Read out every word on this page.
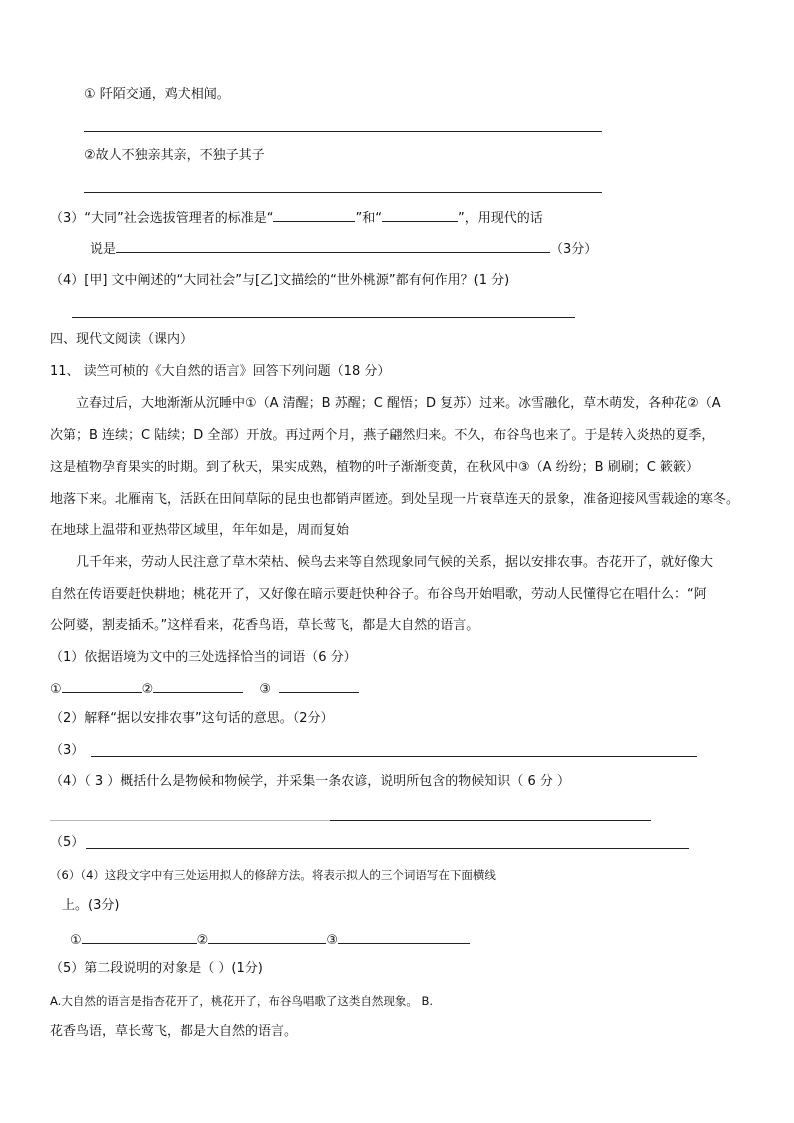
① 阡陌交通，鸡犬相闻。
②故人不独亲其亲，不独子其子
（3）“大同”社会选拔管理者的标准是“	”和“	”，用现代的话
说是	（3分）
（4）[甲] 文中阐述的“大同社会”与[乙]文描绘的“世外桃源”都有何作用？(1 分)
四、现代文阅读（课内）
11、 读竺可桢的《大自然的语言》回答下列问题（18 分）
立春过后，大地渐渐从沉睡中①（A 清醒；B 苏醒；C 醒悟；D 复苏）过来。冰雪融化，草木萌发，各种花②（A
次第；B 连续；C 陆续；D 全部）开放。再过两个月，燕子翩然归来。不久，布谷鸟也来了。于是转入炎热的夏季，
这是植物孕育果实的时期。到了秋天，果实成熟，植物的叶子渐渐变黄，在秋风中③（A 纷纷；B 刷刷；C 簌簌）
地落下来。北雁南飞，活跃在田间草际的昆虫也都销声匿迹。到处呈现一片衰草连天的景象，准备迎接风雪载途的寒冬。
在地球上温带和亚热带区域里，年年如是，周而复始
几千年来，劳动人民注意了草木荣枯、候鸟去来等自然现象同气候的关系，据以安排农事。杏花开了，就好像大
自然在传语要赶快耕地；桃花开了，又好像在暗示要赶快种谷子。布谷鸟开始唱歌，劳动人民懂得它在唱什么：“阿
公阿婆，割麦插禾。”这样看来，花香鸟语，草长莺飞，都是大自然的语言。
（1）依据语境为文中的三处选择恰当的词语（6 分）
①	②	③
（2）解释“据以安排农事”这句话的意思。（2分）
（3）
（4）（ 3 ）概括什么是物候和物候学，并采集一条农谚，说明所包含的物候知识（ 6 分 ）
（5）
（6）（4）这段文字中有三处运用拟人的修辞方法。将表示拟人的三个词语写在下面横线
上。(3分)
①	②	③
（5）第二段说明的对象是（ ）(1分)
A.大自然的语言是指杏花开了，桃花开了，布谷鸟唱歌了这类自然现象。 B.
花香鸟语，草长莺飞，都是大自然的语言。
